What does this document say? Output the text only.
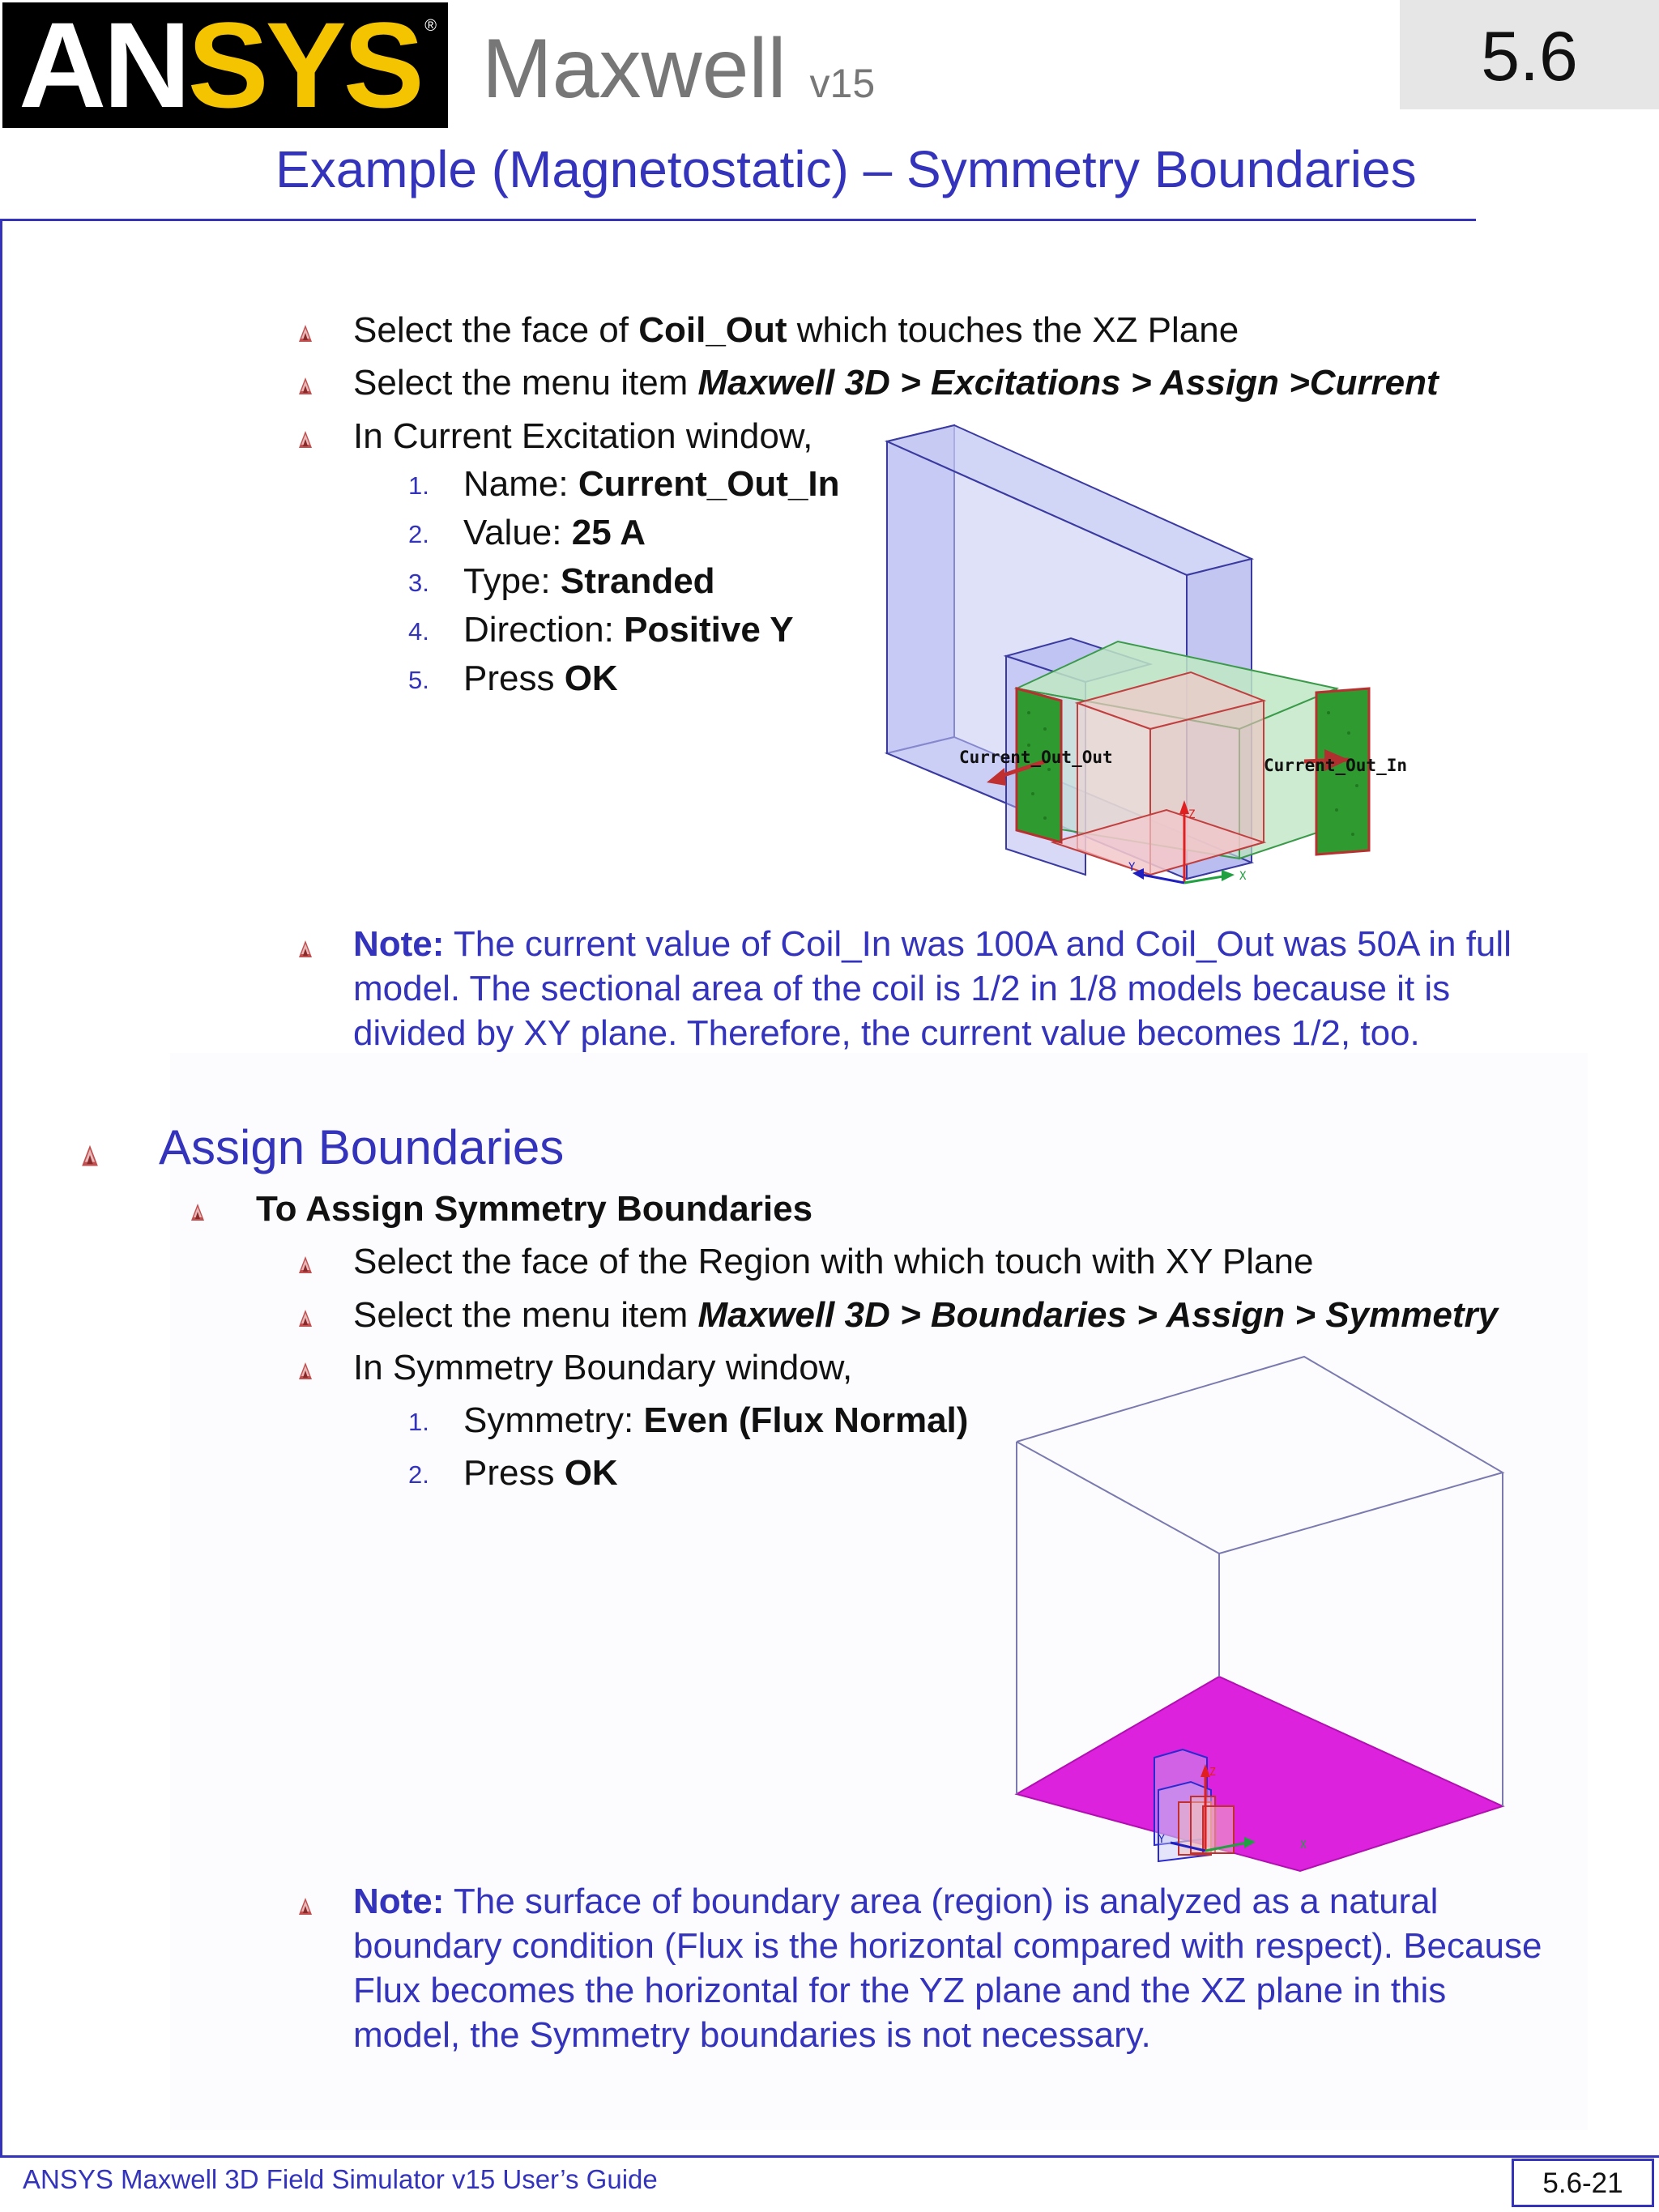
ANSYS ® Maxwell v15	5.6
Example (Magnetostatic) – Symmetry Boundaries
Select the face of Coil_Out which touches the XZ Plane
Select the menu item Maxwell 3D > Excitations > Assign >Current
In Current Excitation window,
1. Name: Current_Out_In
2. Value: 25 A
3. Type: Stranded
4. Direction: Positive Y
5. Press OK
Z
Y
X
Current_Out_Out	Current_Out_In
Note: The current value of Coil_In was 100A and Coil_Out was 50A in full
model. The sectional area of the coil is 1/2 in 1/8 models because it is
divided by XY plane. Therefore, the current value becomes 1/2, too.
Assign Boundaries
To Assign Symmetry Boundaries
Select the face of the Region with which touch with XY Plane
Select the menu item Maxwell 3D > Boundaries > Assign > Symmetry
In Symmetry Boundary window,
1. Symmetry: Even (Flux Normal)
2. Press OK
Z
Y	X
Note: The surface of boundary area (region) is analyzed as a natural
boundary condition (Flux is the horizontal compared with respect). Because
Flux becomes the horizontal for the YZ plane and the XZ plane in this
model, the Symmetry boundaries is not necessary.
ANSYS Maxwell 3D Field Simulator v15 User’s Guide	5.6-21
